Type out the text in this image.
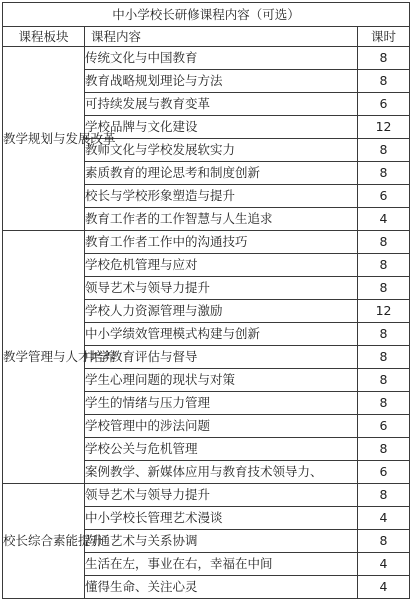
中小学校长研修课程内容（可选）		
课程板块	课程内容	课时
教学规划与发展改革	传统文化与中国教育	8
	教育战略规划理论与方法	8
	可持续发展与教育变革	6
	学校品牌与文化建设	12
	教师文化与学校发展软实力	8
	素质教育的理论思考和制度创新	8
	校长与学校形象塑造与提升	6
	教育工作者的工作智慧与人生追求	4
教学管理与人才培养	教育工作者工作中的沟通技巧	8
	学校危机管理与应对	8
	领导艺术与领导力提升	8
	学校人力资源管理与激励	12
	中小学绩效管理模式构建与创新	8
	中学教育评估与督导	8
	学生心理问题的现状与对策	8
	学生的情绪与压力管理	8
	学校管理中的涉法问题	6
	学校公关与危机管理	8
	案例教学、新媒体应用与教育技术领导力、	6
校长综合素能提升	领导艺术与领导力提升	8
	中小学校长管理艺术漫谈	4
	沟通艺术与关系协调	8
	生活在左，事业在右，幸福在中间	4
	懂得生命、关注心灵	4
